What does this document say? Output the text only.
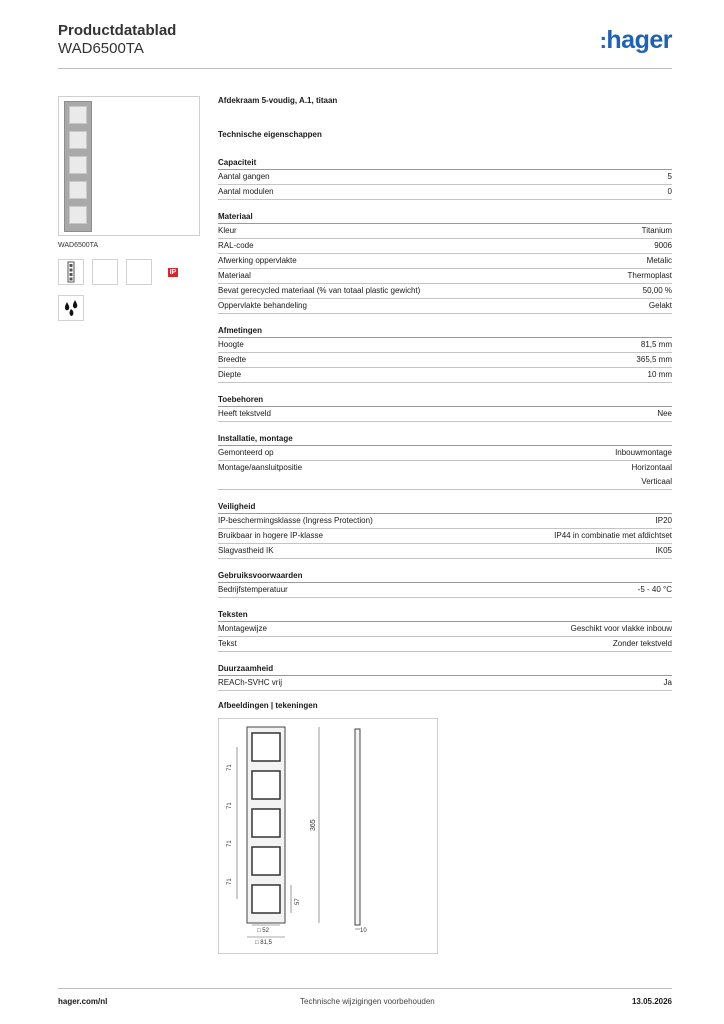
Productdatablad
WAD6500TA	:hager
WAD6500TA
IP
Afdekraam 5-voudig, A.1, titaan
Technische eigenschappen
Capaciteit
Aantal gangen	5
Aantal modulen	0
Materiaal
Kleur	Titanium
RAL-code	9006
Afwerking oppervlakte	Metalic
Materiaal	Thermoplast
Bevat gerecycled materiaal (% van totaal plastic gewicht)	50,00 %
Oppervlakte behandeling	Gelakt
Afmetingen
Hoogte	81,5 mm
Breedte	365,5 mm
Diepte	10 mm
Toebehoren
Heeft tekstveld	Nee
Installatie, montage
Gemonteerd op	Inbouwmontage
Montage/aansluitpositie	Horizontaal
Verticaal
Veiligheid
IP-beschermingsklasse (Ingress Protection)	IP20
Bruikbaar in hogere IP-klasse	IP44 in combinatie met afdichtset
Slagvastheid IK	IK05
Gebruiksvoorwaarden
Bedrijfstemperatuur	-5 - 40 °C
Teksten
Montagewijze	Geschikt voor vlakke inbouw
Tekst	Zonder tekstveld
Duurzaamheid
REACh-SVHC vrij	Ja
Afbeeldingen | tekeningen
71
71
71
71
365
57
□ 52
□ 81,5
10
hager.com/nl	Technische wijzigingen voorbehouden	13.05.2026
